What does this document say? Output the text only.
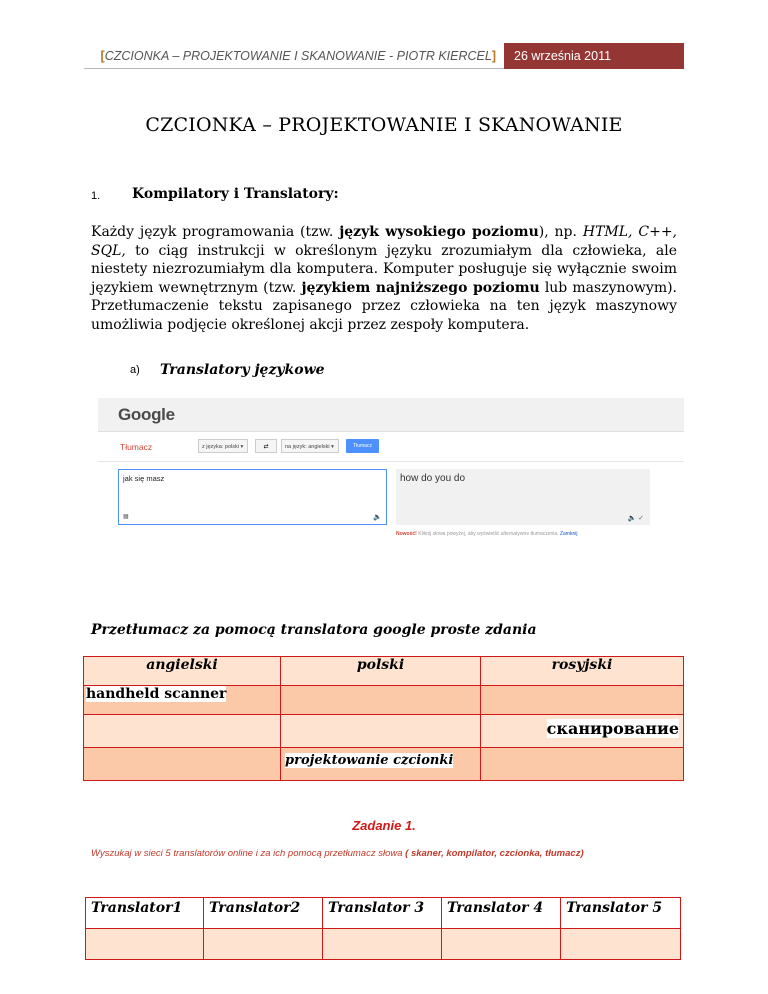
[CZCIONKA – PROJEKTOWANIE I SKANOWANIE - PIOTR KIERCEL]	26 września 2011
CZCIONKA – PROJEKTOWANIE I SKANOWANIE
1. Kompilatory i Translatory:
Każdy język programowania (tzw. język wysokiego poziomu), np. HTML, C++, SQL, to ciąg instrukcji w określonym języku zrozumiałym dla człowieka, ale niestety niezrozumiałym dla komputera. Komputer posługuje się wyłącznie swoim językiem wewnętrznym (tzw. językiem najniższego poziomu lub maszynowym). Przetłumaczenie tekstu zapisanego przez człowieka na ten język maszynowy umożliwia podjęcie określonej akcji przez zespoły komputera.
a) Translatory językowe
Google
Tłumacz	z języka: polski ▾	⇄	na język: angielski ▾	Tłumacz
jak się masz
▦	🔈
how do you do
🔈 ✓
Nowość! Kliknij słowa powyżej, aby wyświetlić alternatywne tłumaczenia. Zamknij
Przetłumacz za pomocą translatora google proste zdania
angielski	polski	rosyjski
handheld scanner		
		сканирование
	projektowanie czcionki	
Zadanie 1.
Wyszukaj w sieci 5 translatorów online i za ich pomocą przetłumacz słowa ( skaner, kompilator, czcionka, tłumacz)
Translator1	Translator2	Translator 3	Translator 4	Translator 5
